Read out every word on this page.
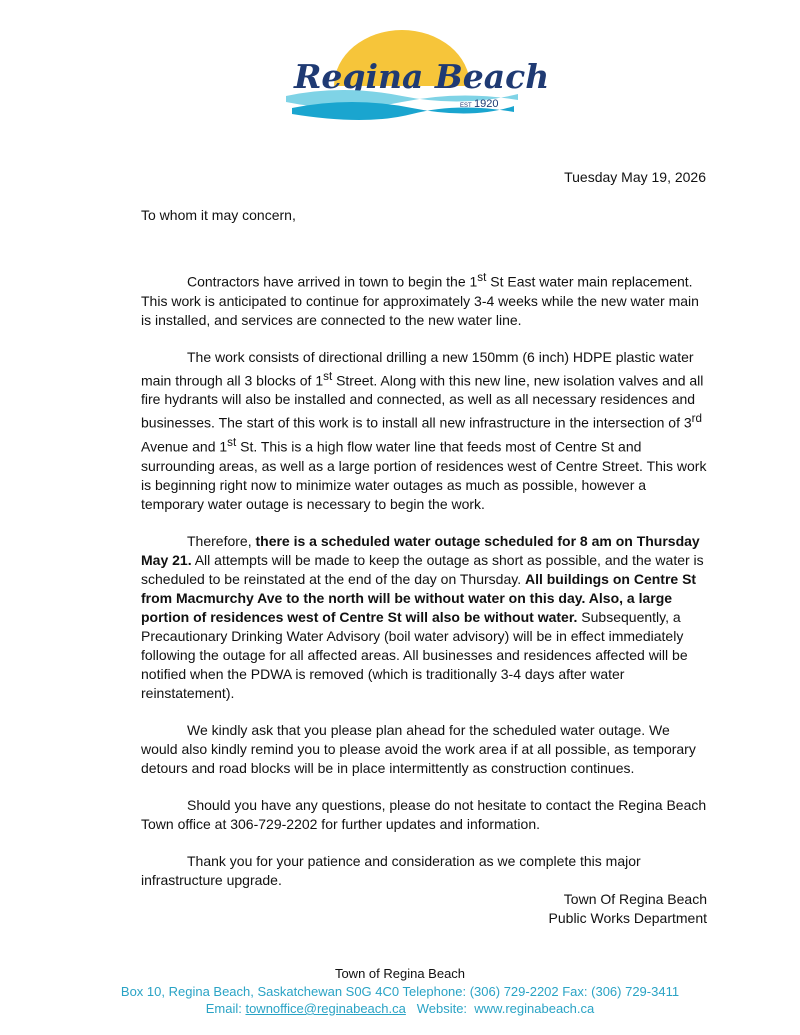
Regina Beach
EST 1920
Tuesday May 19, 2026

To whom it may concern,

Contractors have arrived in town to begin the 1st St East water main replacement. This work is anticipated to continue for approximately 3-4 weeks while the new water main is installed, and services are connected to the new water line.

The work consists of directional drilling a new 150mm (6 inch) HDPE plastic water main through all 3 blocks of 1st Street. Along with this new line, new isolation valves and all fire hydrants will also be installed and connected, as well as all necessary residences and businesses. The start of this work is to install all new infrastructure in the intersection of 3rd Avenue and 1st St. This is a high flow water line that feeds most of Centre St and surrounding areas, as well as a large portion of residences west of Centre Street. This work is beginning right now to minimize water outages as much as possible, however a temporary water outage is necessary to begin the work.

Therefore, there is a scheduled water outage scheduled for 8 am on Thursday May 21. All attempts will be made to keep the outage as short as possible, and the water is scheduled to be reinstated at the end of the day on Thursday. All buildings on Centre St from Macmurchy Ave to the north will be without water on this day. Also, a large portion of residences west of Centre St will also be without water. Subsequently, a Precautionary Drinking Water Advisory (boil water advisory) will be in effect immediately following the outage for all affected areas. All businesses and residences affected will be notified when the PDWA is removed (which is traditionally 3-4 days after water reinstatement).

We kindly ask that you please plan ahead for the scheduled water outage. We would also kindly remind you to please avoid the work area if at all possible, as temporary detours and road blocks will be in place intermittently as construction continues.

Should you have any questions, please do not hesitate to contact the Regina Beach Town office at 306-729-2202 for further updates and information.

Thank you for your patience and consideration as we complete this major infrastructure upgrade.

Town Of Regina Beach
Public Works Department
Town of Regina Beach
Box 10, Regina Beach, Saskatchewan S0G 4C0 Telephone: (306) 729-2202 Fax: (306) 729-3411
Email: townoffice@reginabeach.ca   Website:  www.reginabeach.ca
